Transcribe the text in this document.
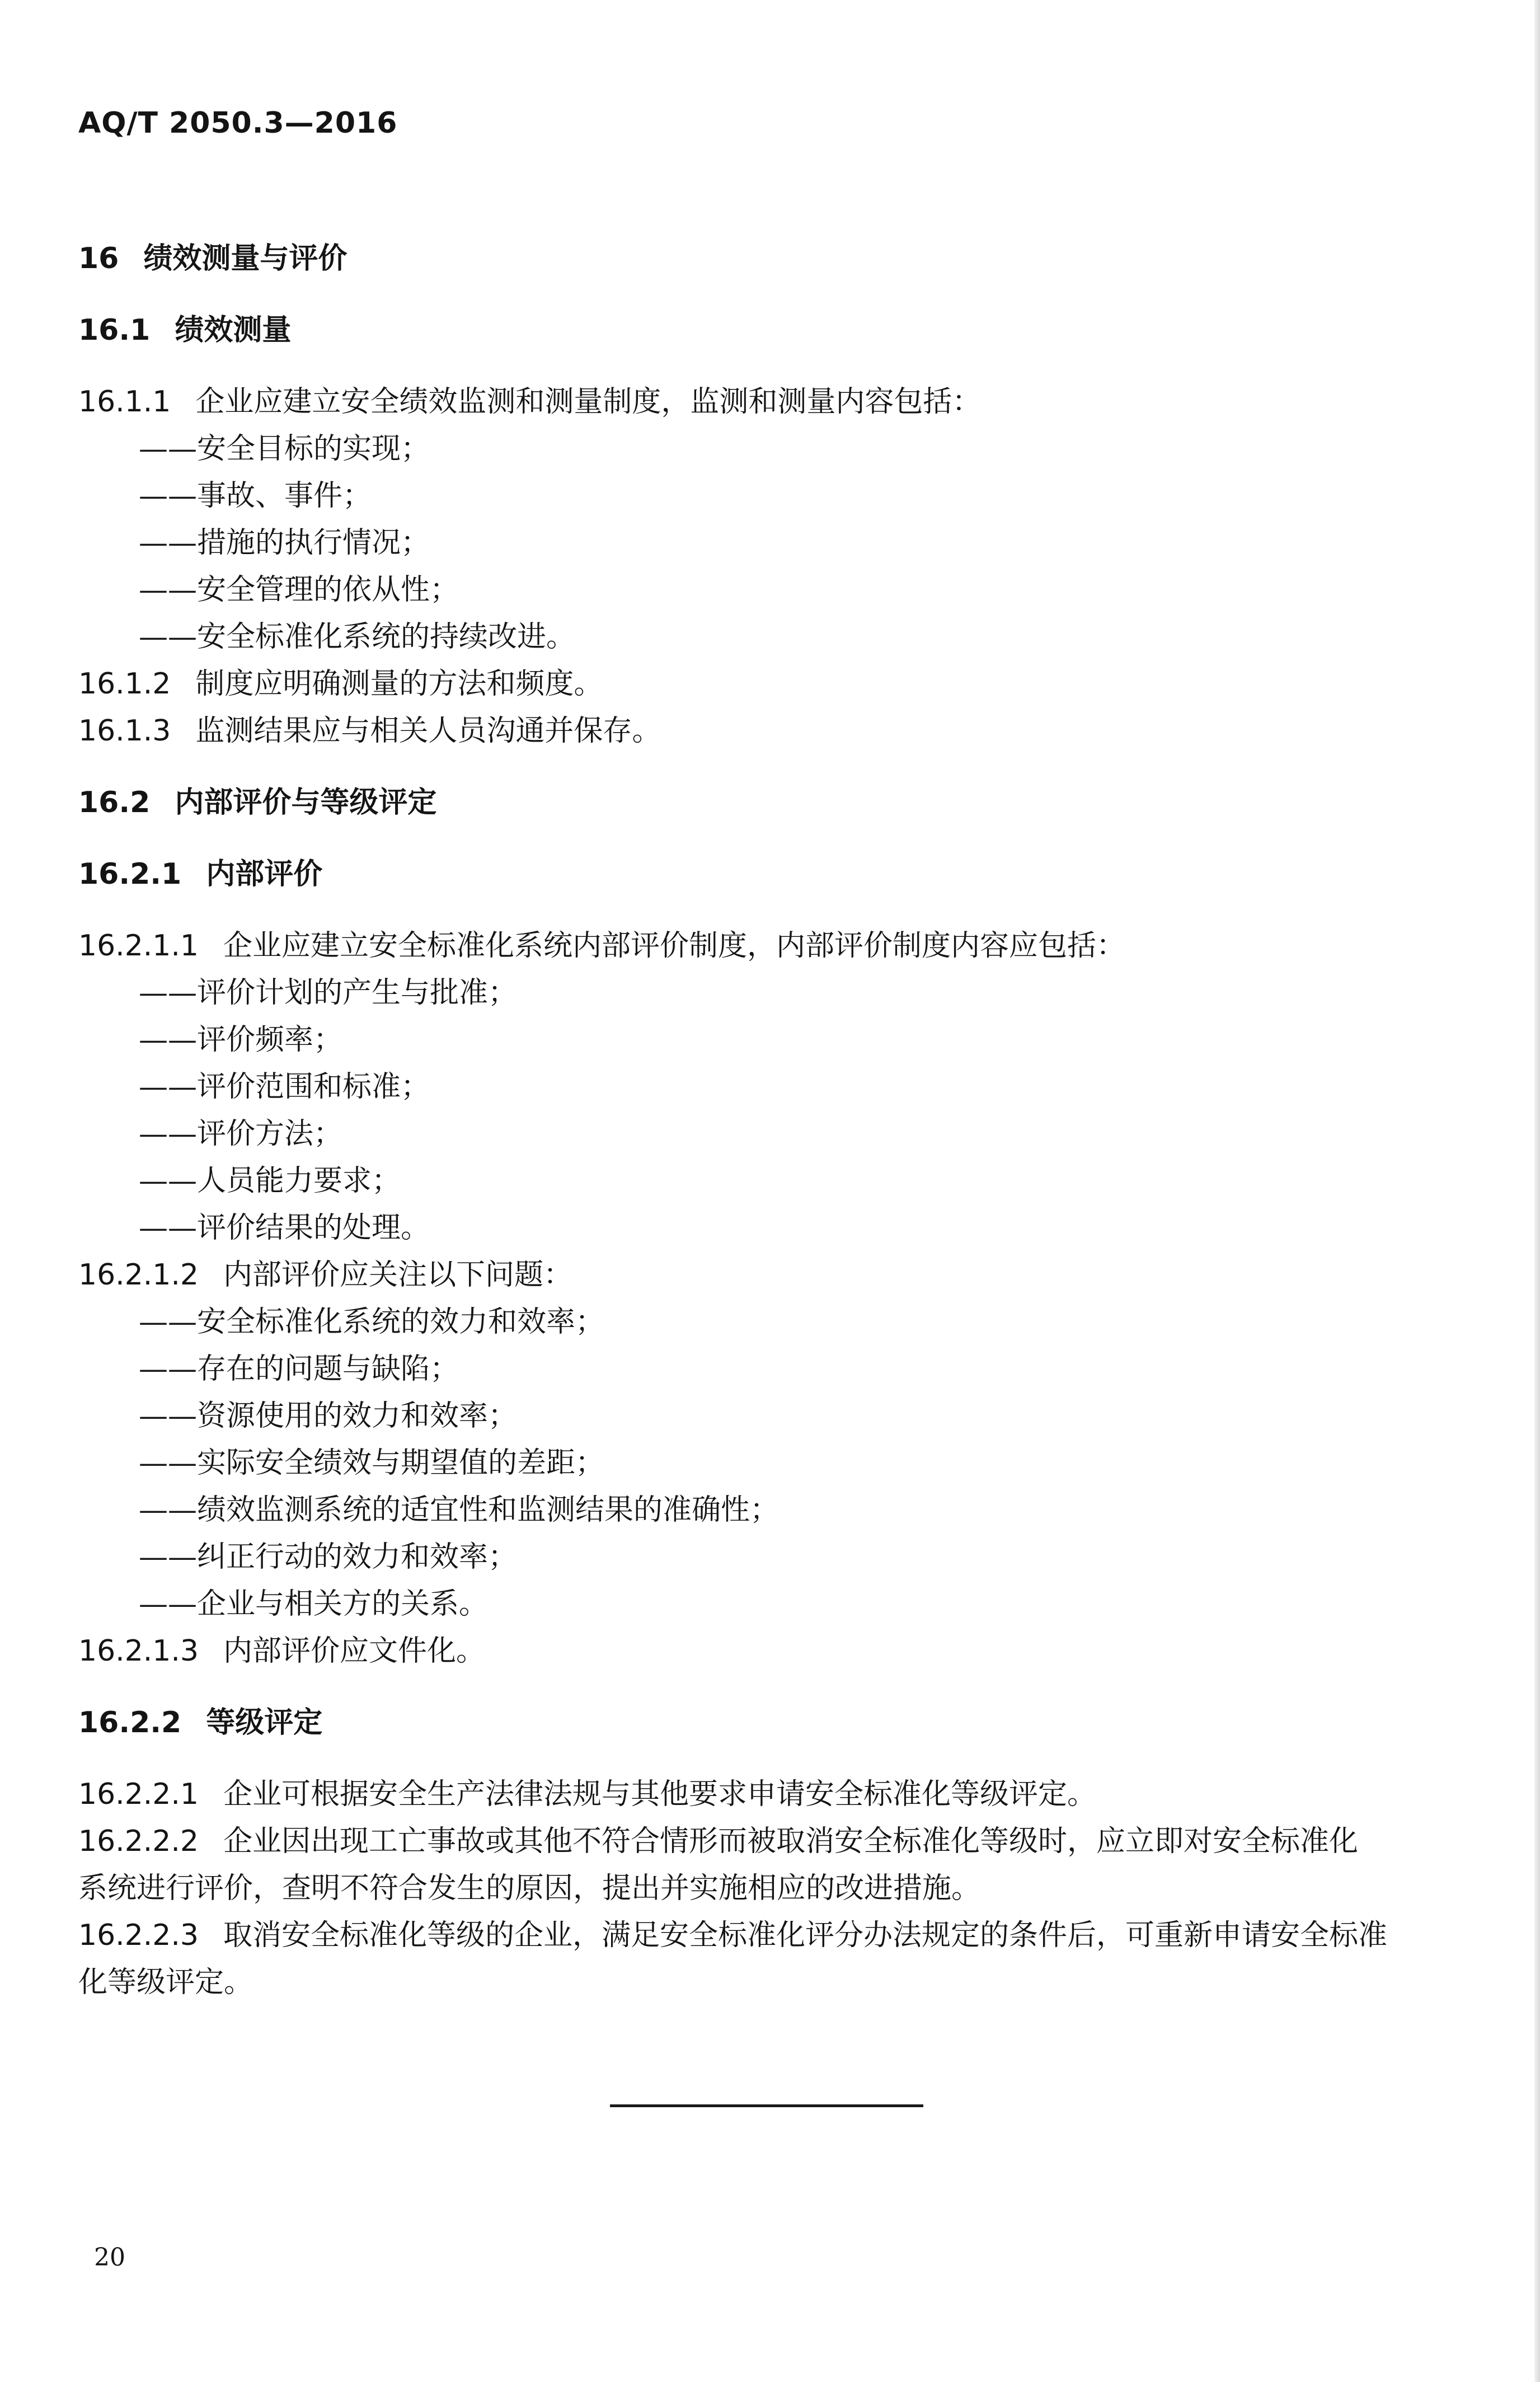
AQ/T 2050.3—2016
16 绩效测量与评价
16.1 绩效测量
16.1.1 企业应建立安全绩效监测和测量制度，监测和测量内容包括：
——安全目标的实现；
——事故、事件；
——措施的执行情况；
——安全管理的依从性；
——安全标准化系统的持续改进。
16.1.2 制度应明确测量的方法和频度。
16.1.3 监测结果应与相关人员沟通并保存。
16.2 内部评价与等级评定
16.2.1 内部评价
16.2.1.1 企业应建立安全标准化系统内部评价制度，内部评价制度内容应包括：
——评价计划的产生与批准；
——评价频率；
——评价范围和标准；
——评价方法；
——人员能力要求；
——评价结果的处理。
16.2.1.2 内部评价应关注以下问题：
——安全标准化系统的效力和效率；
——存在的问题与缺陷；
——资源使用的效力和效率；
——实际安全绩效与期望值的差距；
——绩效监测系统的适宜性和监测结果的准确性；
——纠正行动的效力和效率；
——企业与相关方的关系。
16.2.1.3 内部评价应文件化。
16.2.2 等级评定
16.2.2.1 企业可根据安全生产法律法规与其他要求申请安全标准化等级评定。
16.2.2.2 企业因出现工亡事故或其他不符合情形而被取消安全标准化等级时，应立即对安全标准化
系统进行评价，查明不符合发生的原因，提出并实施相应的改进措施。
16.2.2.3 取消安全标准化等级的企业，满足安全标准化评分办法规定的条件后，可重新申请安全标准
化等级评定。
20
